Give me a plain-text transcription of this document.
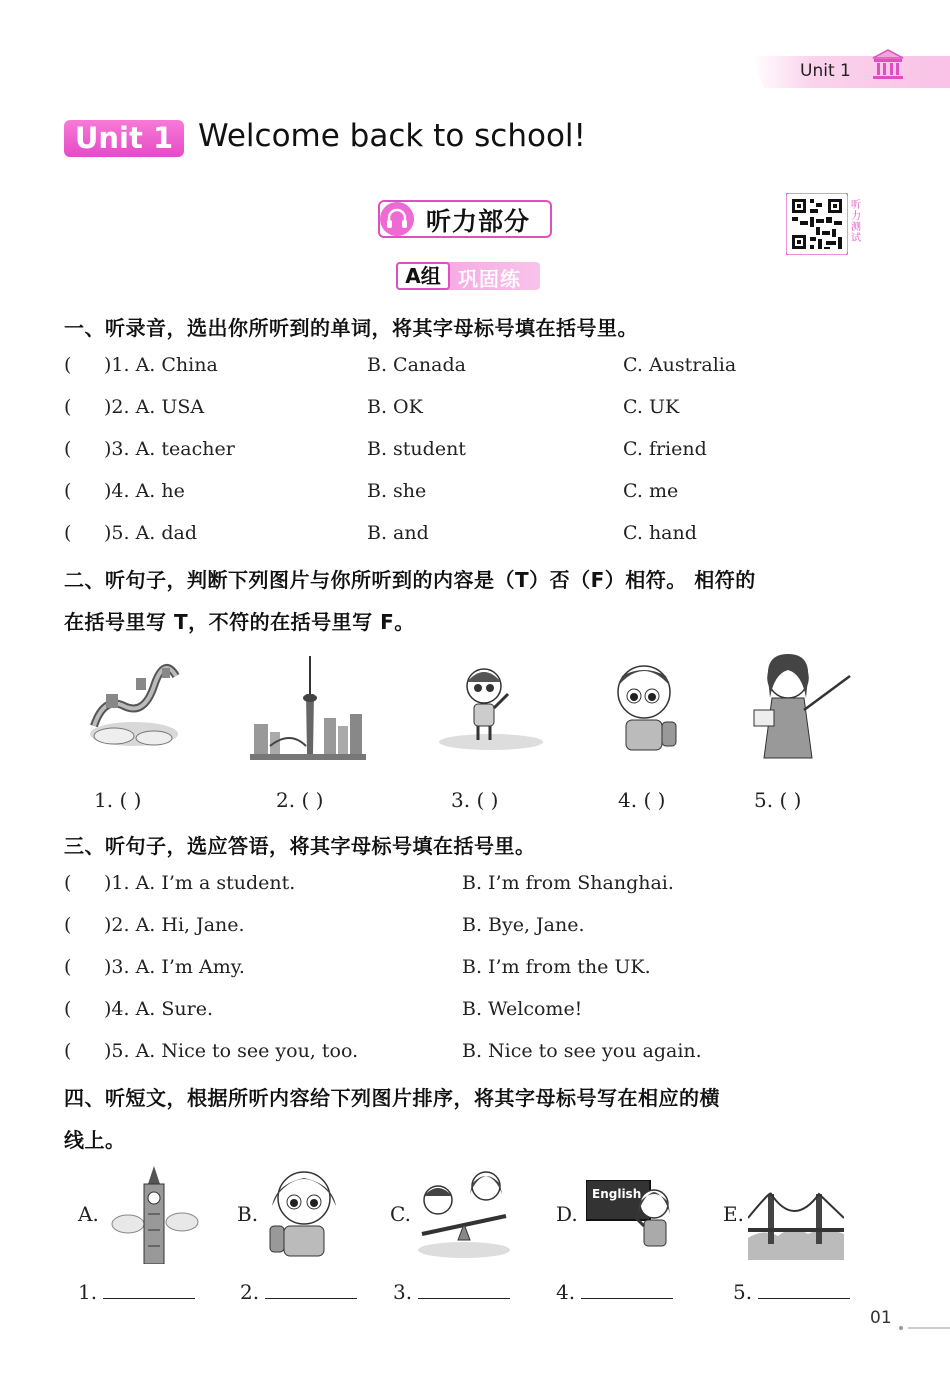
Unit 1
Unit 1 Welcome back to school!
听力部分
听力测试
A组 巩固练
一、听录音，选出你所听到的单词，将其字母标号填在括号里。
( )1. A. China	B. Canada	C. Australia
( )2. A. USA	B. OK	C. UK
( )3. A. teacher	B. student	C. friend
( )4. A. he	B. she	C. me
( )5. A. dad	B. and	C. hand
二、听句子，判断下列图片与你所听到的内容是（T）否（F）相符。 相符的
在括号里写 T，不符的在括号里写 F。
1. ( )	2. ( )	3. ( )	4. ( )	5. ( )
三、听句子，选应答语，将其字母标号填在括号里。
( )1. A. I’m a student.	B. I’m from Shanghai.
( )2. A. Hi, Jane.	B. Bye, Jane.
( )3. A. I’m Amy.	B. I’m from the UK.
( )4. A. Sure.	B. Welcome!
( )5. A. Nice to see you, too.	B. Nice to see you again.
四、听短文，根据所听内容给下列图片排序，将其字母标号写在相应的横
线上。
A.	B.	C.	D.
English
E.
1.	2.	3.	4.	5.
01
